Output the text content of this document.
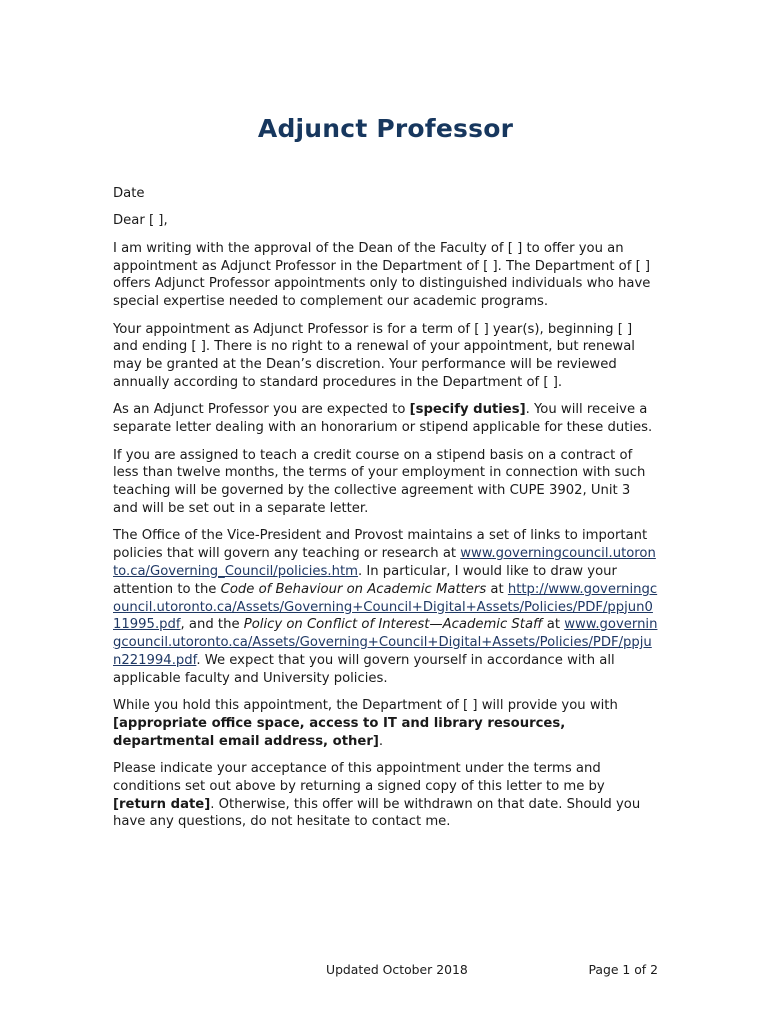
Adjunct Professor

Date

Dear [ ],

I am writing with the approval of the Dean of the Faculty of [ ] to offer you an appointment as Adjunct Professor in the Department of [ ]. The Department of [ ] offers Adjunct Professor appointments only to distinguished individuals who have special expertise needed to complement our academic programs.

Your appointment as Adjunct Professor is for a term of [ ] year(s), beginning [ ] and ending [ ]. There is no right to a renewal of your appointment, but renewal may be granted at the Dean’s discretion. Your performance will be reviewed annually according to standard procedures in the Department of [ ].

As an Adjunct Professor you are expected to [specify duties]. You will receive a separate letter dealing with an honorarium or stipend applicable for these duties.

If you are assigned to teach a credit course on a stipend basis on a contract of less than twelve months, the terms of your employment in connection with such teaching will be governed by the collective agreement with CUPE 3902, Unit 3 and will be set out in a separate letter.

The Office of the Vice-President and Provost maintains a set of links to important policies that will govern any teaching or research at www.governingcouncil.utoronto.ca/Governing_Council/policies.htm. In particular, I would like to draw your attention to the Code of Behaviour on Academic Matters at http://www.governingcouncil.utoronto.ca/Assets/Governing+Council+Digital+Assets/Policies/PDF/ppjun011995.pdf, and the Policy on Conflict of Interest—Academic Staff at www.governingcouncil.utoronto.ca/Assets/Governing+Council+Digital+Assets/Policies/PDF/ppjun221994.pdf. We expect that you will govern yourself in accordance with all applicable faculty and University policies.

While you hold this appointment, the Department of [ ] will provide you with [appropriate office space, access to IT and library resources, departmental email address, other].

Please indicate your acceptance of this appointment under the terms and conditions set out above by returning a signed copy of this letter to me by [return date]. Otherwise, this offer will be withdrawn on that date. Should you have any questions, do not hesitate to contact me.

Updated October 2018	Page 1 of 2
